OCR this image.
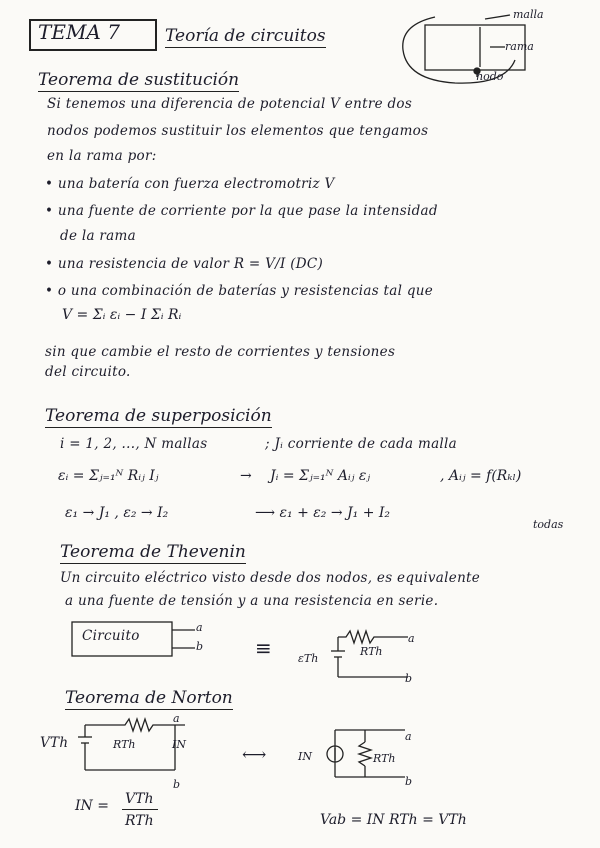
TEMA 7	Teoría de circuitos
malla
rama
nodo
Teorema de sustitución
Si tenemos una diferencia de potencial V entre dos
nodos podemos sustituir los elementos que tengamos
en la rama por:
• una batería con fuerza electromotriz V
• una fuente de corriente por la que pase la intensidad
de la rama
• una resistencia de valor R = V/I (DC)
• o una combinación de baterías y resistencias tal que
V = Σᵢ εᵢ − I Σᵢ Rᵢ
sin que cambie el resto de corrientes y tensiones
del circuito.
Teorema de superposición
i = 1, 2, ..., N mallas	; Jᵢ corriente de cada malla
εᵢ = Σⱼ₌₁ᴺ Rᵢⱼ Iⱼ	→ Jᵢ = Σⱼ₌₁ᴺ Aᵢⱼ εⱼ	, Aᵢⱼ = f(Rₖₗ)
todas
ε₁ → J₁ , ε₂ → I₂	⟶ ε₁ + ε₂ → J₁ + I₂
Teorema de Thevenin
Un circuito eléctrico visto desde dos nodos, es equivalente
a una fuente de tensión y a una resistencia en serie.
Circuito
a
b	≡ εTh
RTh
a
b
Teorema de Norton
VTh	RTh	IN
a
b
⟷	IN	RTh
a
b
IN = VTh
RTh	Vab = IN RTh = VTh
